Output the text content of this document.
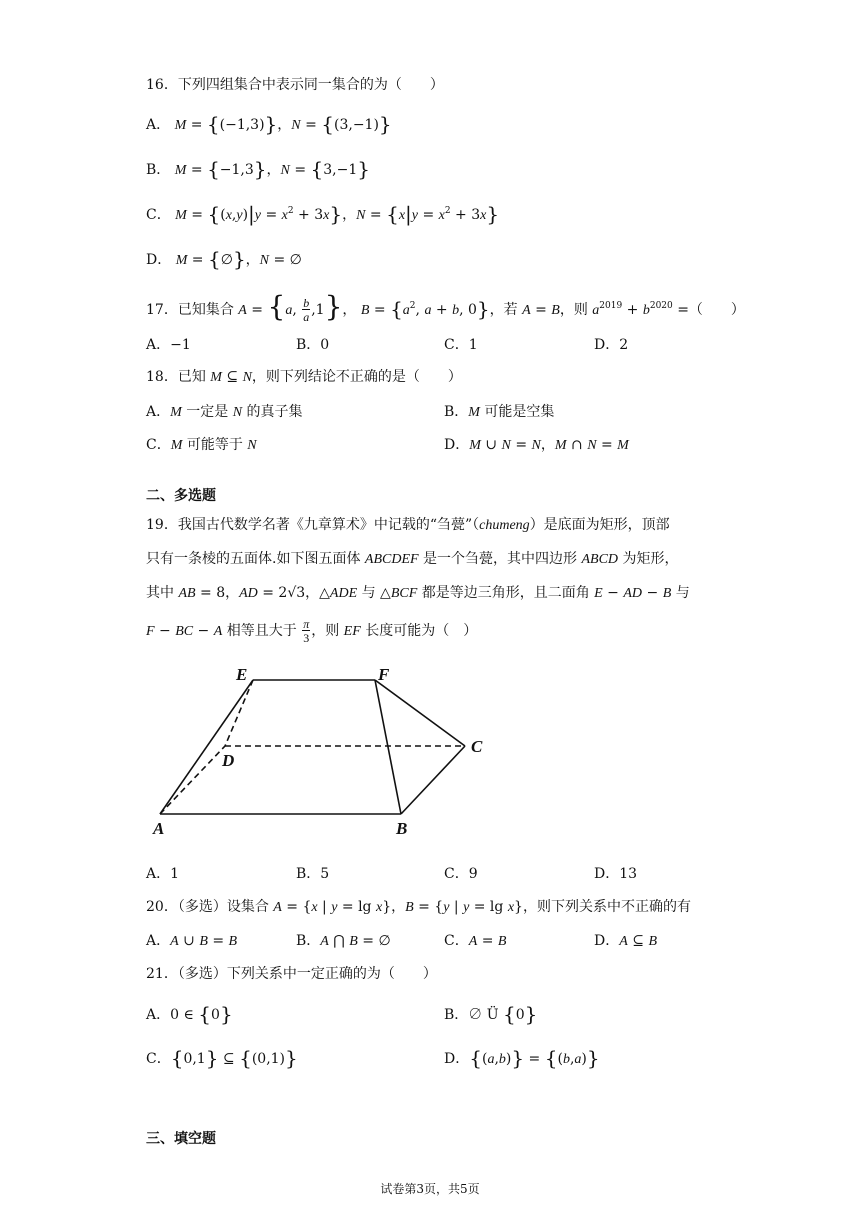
16．下列四组集合中表示同一集合的为（　　）
A． M = {(−1,3)}，N = {(3,−1)}
B． M = {−1,3}，N = {3,−1}
C． $M = \{(x,y)|y = x^2 + 3x\}$，$N = \{x|y = x^2 + 3x\}$
D． M = {∅}，N = ∅
17．已知集合 A = {a, $\frac{b}{a} ,1$}， $B = \{a^2$, a + b, 0}，若 A = B，则 $a^{2019} + b^{2020}$ =（　　）
A．−1	B．0	C．1	D．2
18．已知 M ⊆ N，则下列结论不正确的是（　　）
A．M 一定是 N 的真子集	B．M 可能是空集
C．M 可能等于 N	D．M ∪ N = N，M ∩ N = M
二、多选题
19．我国古代数学名著《九章算术》中记载的“刍甍”（chumeng）是底面为矩形，顶部
只有一条棱的五面体.如下图五面体 ABCDEF 是一个刍甍，其中四边形 ABCD 为矩形，
其中 AB = 8，AD = 2√3，△ADE 与 △BCF 都是等边三角形，且二面角 E − AD − B 与
F − BC − A 相等且大于 $\frac{\pi}{3}$ ，则 EF 长度可能为（　）
E	F
D
C
A	B
A．1	B．5	C．9	D．13
20．（多选）设集合 A = {x | y = lg x}，B = {y | y = lg x}，则下列关系中不正确的有
A．A ∪ B = B	B．A ⋂ B = ∅	C．A = B	D．A ⊆ B
21．（多选）下列关系中一定正确的为（　　）
A．0 ∈ {0}	B．∅ Ü {0}
C．{0,1} ⊆ {(0,1)}	D．{(a,b)} = {(b,a)}
三、填空题
试卷第3页，共5页
